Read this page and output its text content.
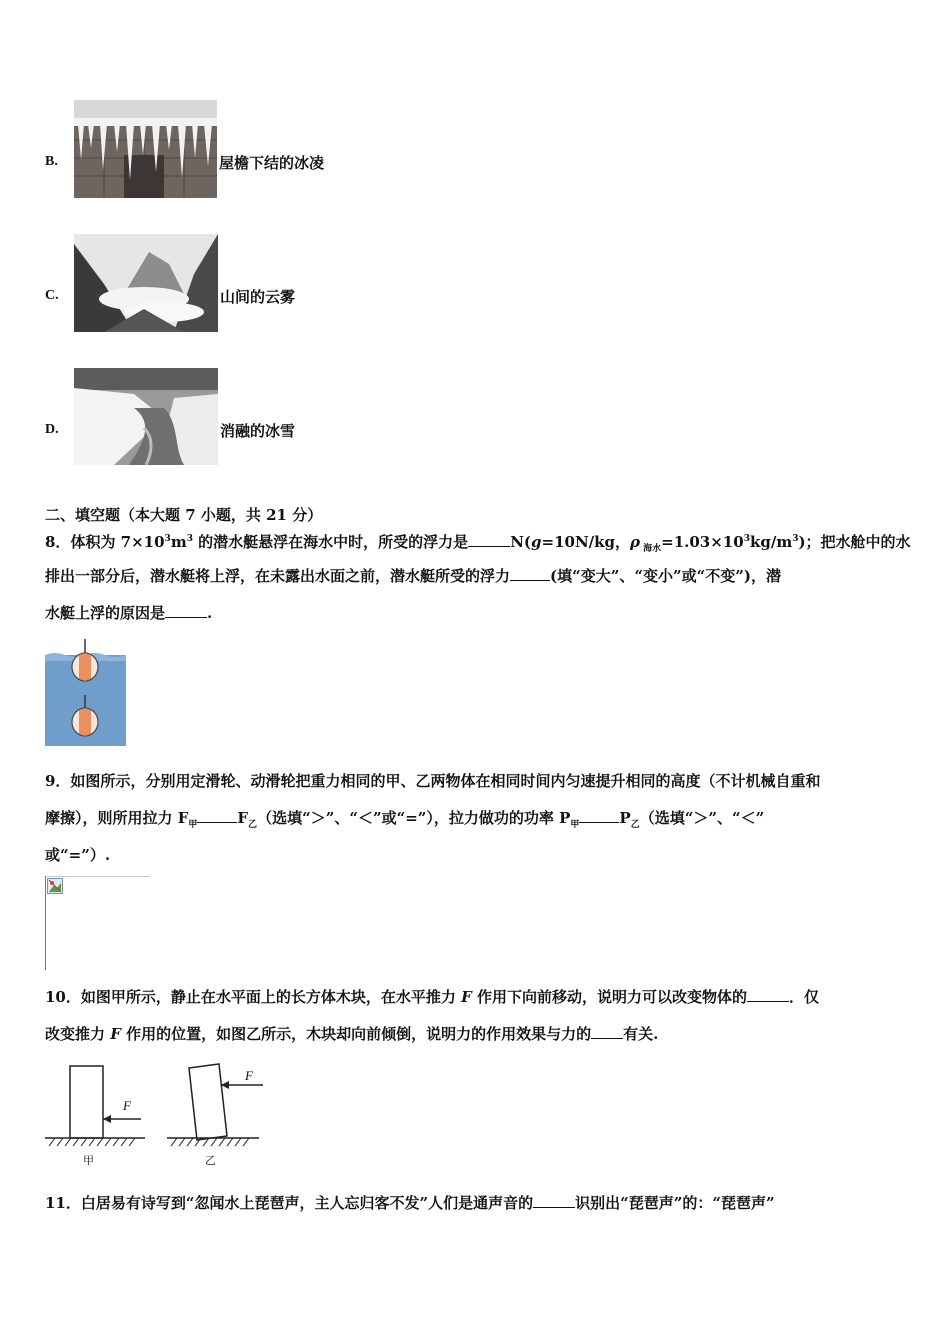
B.	屋檐下结的冰凌
C.	山间的云雾
D.	消融的冰雪
二、填空题（本大题 7 小题，共 21 分）
8．体积为 $7\times 10^3m^3$ 的潜水艇悬浮在海水中时，所受的浮力是	N(g=10N/kg，ρ $_{海水}=1.03\times 10^3kg/m^3$)；把水舱中的水
排出一部分后，潜水艇将上浮，在未露出水面之前，潜水艇所受的浮力	(填“变大”、“变小”或“不变”)，潜
水艇上浮的原因是	.
9．如图所示，分别用定滑轮、动滑轮把重力相同的甲、乙两物体在相同时间内匀速提升相同的高度（不计机械自重和
摩擦），则所用拉力 $F_甲$	$F_乙$（选填“＞”、“＜”或“=”），拉力做功的功率 $P_甲$	$P_乙$（选填“＞”、“＜”
或“=”）.
10．如图甲所示，静止在水平面上的长方体木块，在水平推力 F 作用下向前移动，说明力可以改变物体的	．仅
改变推力 F 作用的位置，如图乙所示，木块却向前倾倒，说明力的作用效果与力的 有关.
F
甲
F
乙
11．白居易有诗写到“忽闻水上琵琶声，主人忘归客不发”人们是通声音的	识别出“琵琶声”的：“琵琶声”
